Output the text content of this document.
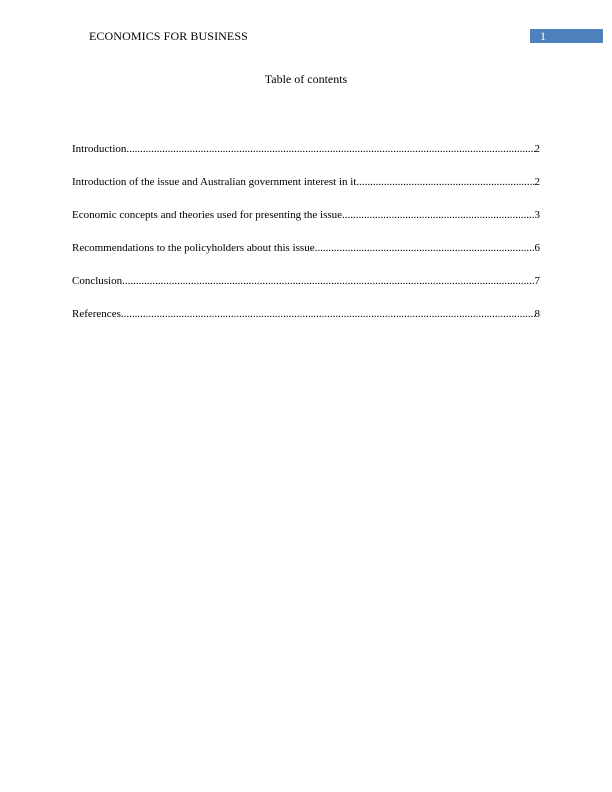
ECONOMICS FOR BUSINESS	1
Table of contents
Introduction .....	2
Introduction of the issue and Australian government interest in it .....	2
Economic concepts and theories used for presenting the issue .....	3
Recommendations to the policyholders about this issue .....	6
Conclusion .....	7
References .....	8
